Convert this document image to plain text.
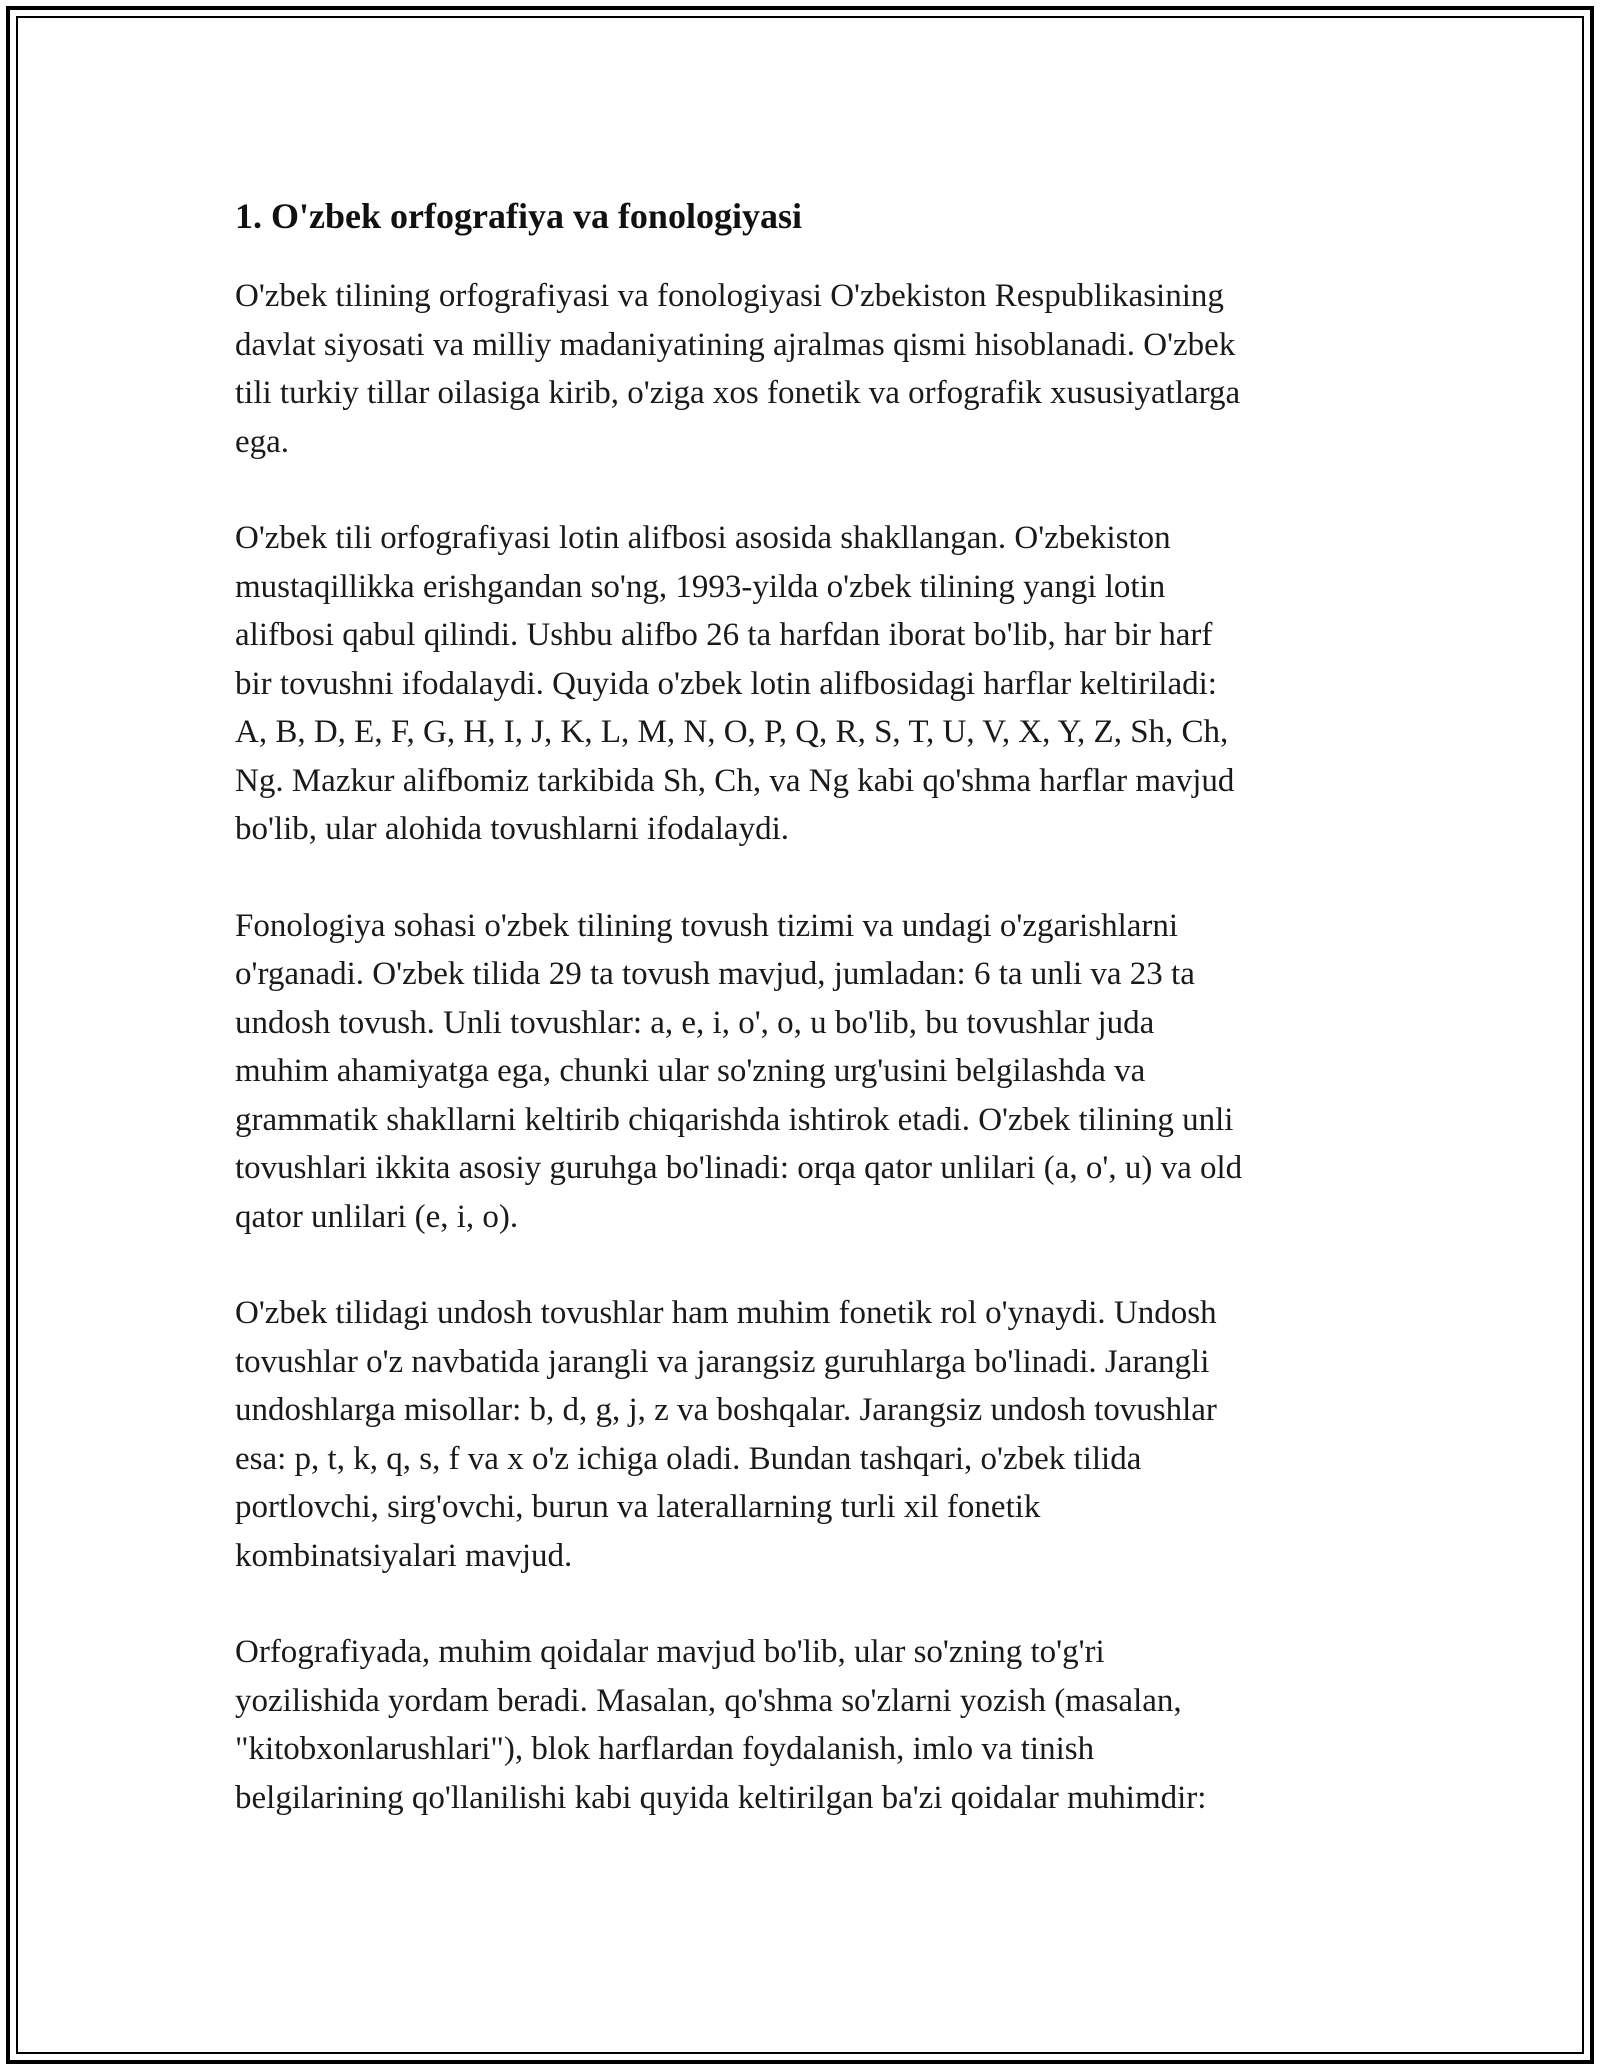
1. O'zbek orfografiya va fonologiyasi

O'zbek tilining orfografiyasi va fonologiyasi O'zbekiston Respublikasining
davlat siyosati va milliy madaniyatining ajralmas qismi hisoblanadi. O'zbek
tili turkiy tillar oilasiga kirib, o'ziga xos fonetik va orfografik xususiyatlarga
ega.

O'zbek tili orfografiyasi lotin alifbosi asosida shakllangan. O'zbekiston
mustaqillikka erishgandan so'ng, 1993-yilda o'zbek tilining yangi lotin
alifbosi qabul qilindi. Ushbu alifbo 26 ta harfdan iborat bo'lib, har bir harf
bir tovushni ifodalaydi. Quyida o'zbek lotin alifbosidagi harflar keltiriladi:
A, B, D, E, F, G, H, I, J, K, L, M, N, O, P, Q, R, S, T, U, V, X, Y, Z, Sh, Ch,
Ng. Mazkur alifbomiz tarkibida Sh, Ch, va Ng kabi qo'shma harflar mavjud
bo'lib, ular alohida tovushlarni ifodalaydi.

Fonologiya sohasi o'zbek tilining tovush tizimi va undagi o'zgarishlarni
o'rganadi. O'zbek tilida 29 ta tovush mavjud, jumladan: 6 ta unli va 23 ta
undosh tovush. Unli tovushlar: a, e, i, o', o, u bo'lib, bu tovushlar juda
muhim ahamiyatga ega, chunki ular so'zning urg'usini belgilashda va
grammatik shakllarni keltirib chiqarishda ishtirok etadi. O'zbek tilining unli
tovushlari ikkita asosiy guruhga bo'linadi: orqa qator unlilari (a, o', u) va old
qator unlilari (e, i, o).

O'zbek tilidagi undosh tovushlar ham muhim fonetik rol o'ynaydi. Undosh
tovushlar o'z navbatida jarangli va jarangsiz guruhlarga bo'linadi. Jarangli
undoshlarga misollar: b, d, g, j, z va boshqalar. Jarangsiz undosh tovushlar
esa: p, t, k, q, s, f va x o'z ichiga oladi. Bundan tashqari, o'zbek tilida
portlovchi, sirg'ovchi, burun va laterallarning turli xil fonetik
kombinatsiyalari mavjud.

Orfografiyada, muhim qoidalar mavjud bo'lib, ular so'zning to'g'ri
yozilishida yordam beradi. Masalan, qo'shma so'zlarni yozish (masalan,
"kitobxonlarushlari"), blok harflardan foydalanish, imlo va tinish
belgilarining qo'llanilishi kabi quyida keltirilgan ba'zi qoidalar muhimdir:
